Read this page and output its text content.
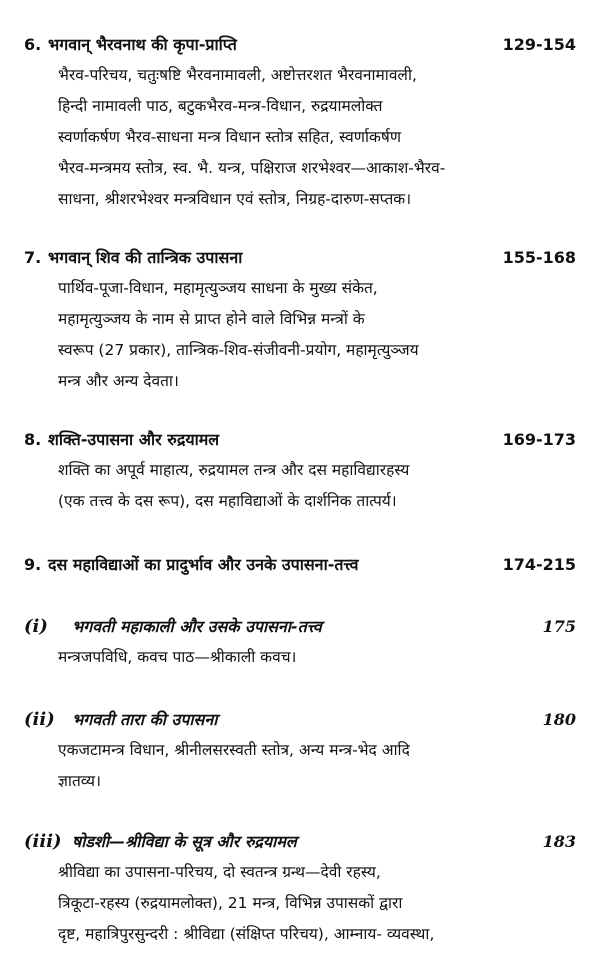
6. भगवान् भैरवनाथ की कृपा-प्राप्ति	129-154
भैरव-परिचय, चतुःषष्टि भैरवनामावली, अष्टोत्तरशत भैरवनामावली,
हिन्दी नामावली पाठ, बटुकभैरव-मन्त्र-विधान, रुद्रयामलोक्त
स्वर्णाकर्षण भैरव-साधना मन्त्र विधान स्तोत्र सहित, स्वर्णाकर्षण
भैरव-मन्त्रमय स्तोत्र, स्व. भै. यन्त्र, पक्षिराज शरभेश्वर—आकाश-भैरव-
साधना, श्रीशरभेश्वर मन्त्रविधान एवं स्तोत्र, निग्रह-दारुण-सप्तक।
7. भगवान् शिव की तान्त्रिक उपासना	155-168
पार्थिव-पूजा-विधान, महामृत्युञ्जय साधना के मुख्य संकेत,
महामृत्युञ्जय के नाम से प्राप्त होने वाले विभिन्न मन्त्रों के
स्वरूप (27 प्रकार), तान्त्रिक-शिव-संजीवनी-प्रयोग, महामृत्युञ्जय
मन्त्र और अन्य देवता।
8. शक्ति-उपासना और रुद्रयामल	169-173
शक्ति का अपूर्व माहात्य, रुद्रयामल तन्त्र और दस महाविद्यारहस्य
(एक तत्त्व के दस रूप), दस महाविद्याओं के दार्शनिक तात्पर्य।
9. दस महाविद्याओं का प्रादुर्भाव और उनके उपासना-तत्त्व	174-215
(i) भगवती महाकाली और उसके उपासना-तत्त्व	175
मन्त्रजपविधि, कवच पाठ—श्रीकाली कवच।
(ii) भगवती तारा की उपासना	180
एकजटामन्त्र विधान, श्रीनीलसरस्वती स्तोत्र, अन्य मन्त्र-भेद आदि
ज्ञातव्य।
(iii) षोडशी—श्रीविद्या के सूत्र और रुद्रयामल	183
श्रीविद्या का उपासना-परिचय, दो स्वतन्त्र ग्रन्थ—देवी रहस्य,
त्रिकूटा-रहस्य (रुद्रयामलोक्त), 21 मन्त्र, विभिन्न उपासकों द्वारा
दृष्ट, महात्रिपुरसुन्दरी : श्रीविद्या (संक्षिप्त परिचय), आम्नाय- व्यवस्था,
